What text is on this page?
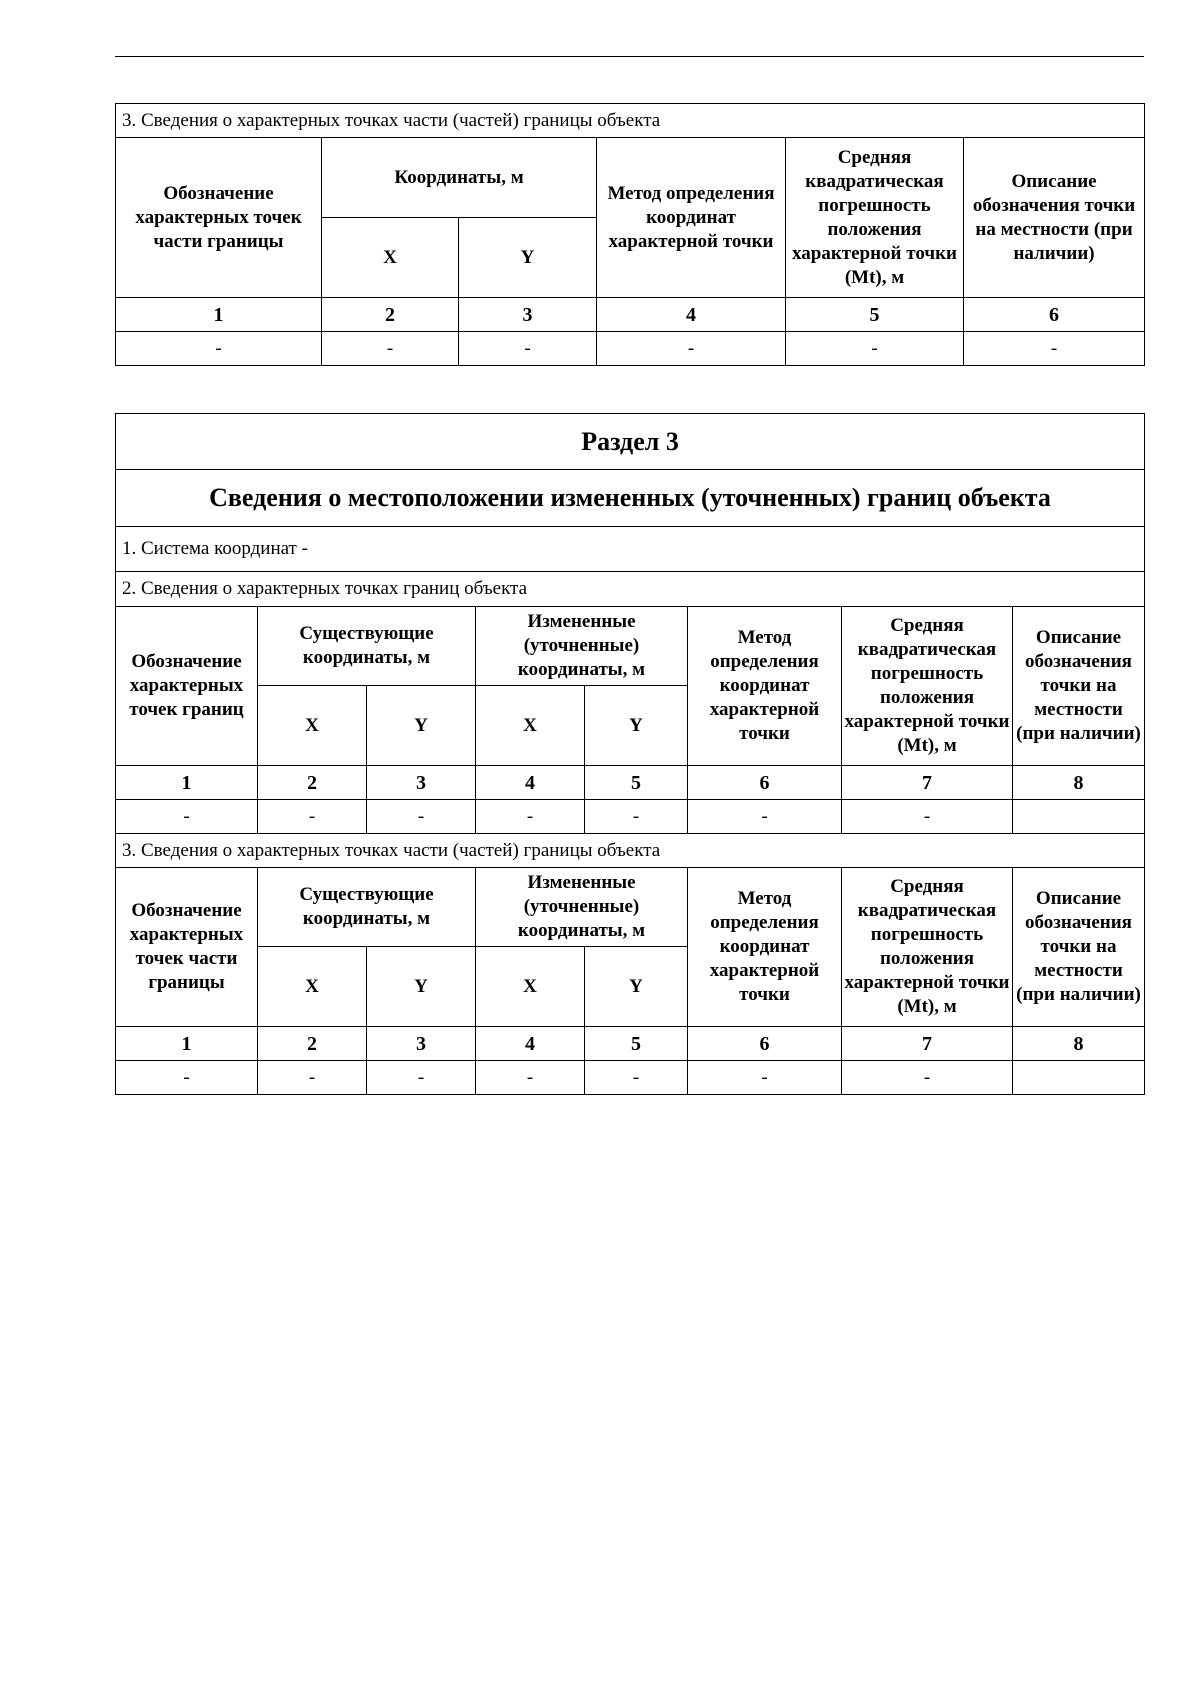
3. Сведения о характерных точках части (частей) границы объекта					
Обозначение характерных точек части границы	Координаты, м		Метод определения координат характерной точки	Средняя квадратическая погрешность положения характерной точки (Mt), м	Описание обозначения точки на местности (при наличии)
	X	Y			
1	2	3	4	5	6
-	-	-	-	-	-
Раздел 3							
Сведения о местоположении измененных (уточненных) границ объекта							
1. Система координат -							
2. Сведения о характерных точках границ объекта							
Обозначение характерных точек границ	Существующие координаты, м		Измененные (уточненные) координаты, м		Метод определения координат характерной точки	Средняя квадратическая погрешность положения характерной точки (Mt), м	Описание обозначения точки на местности (при наличии)
	X	Y	X	Y			
1	2	3	4	5	6	7	8
-	-	-	-	-	-	-	
3. Сведения о характерных точках части (частей) границы объекта							
Обозначение характерных точек части границы	Существующие координаты, м		Измененные (уточненные) координаты, м		Метод определения координат характерной точки	Средняя квадратическая погрешность положения характерной точки (Mt), м	Описание обозначения точки на местности (при наличии)
	X	Y	X	Y			
1	2	3	4	5	6	7	8
-	-	-	-	-	-	-	
